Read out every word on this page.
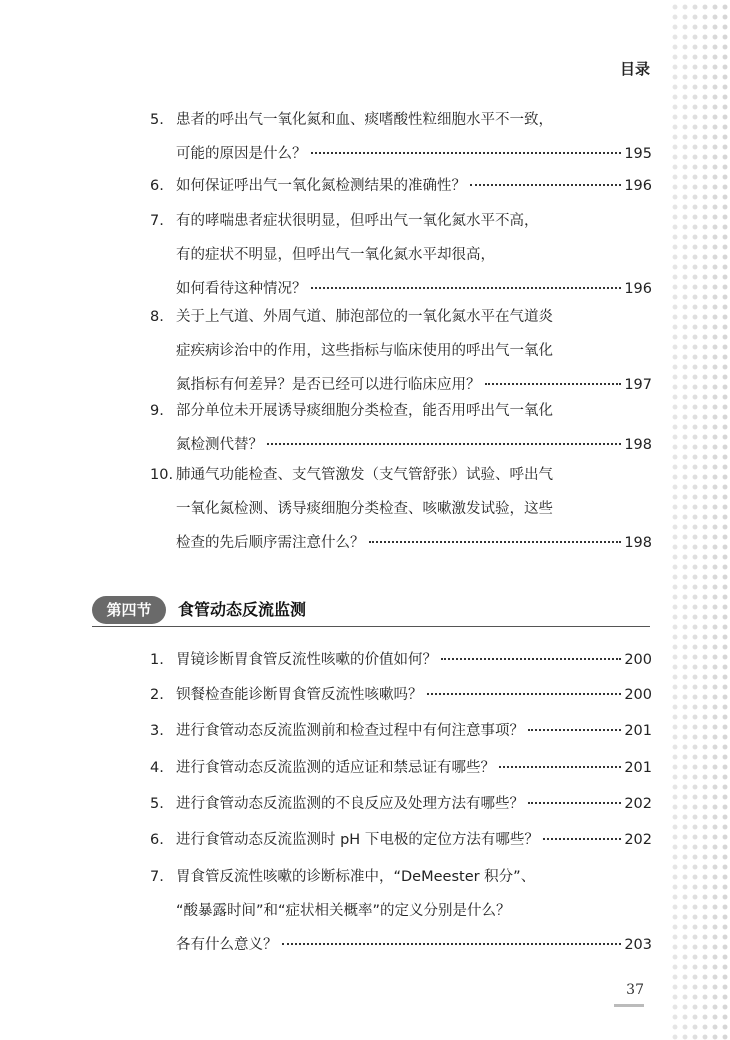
目录
5. 患者的呼出气一氧化氮和血、痰嗜酸性粒细胞水平不一致，
可能的原因是什么？	195
6. 如何保证呼出气一氧化氮检测结果的准确性？	196
7. 有的哮喘患者症状很明显，但呼出气一氧化氮水平不高，
有的症状不明显，但呼出气一氧化氮水平却很高，
如何看待这种情况？	196
8. 关于上气道、外周气道、肺泡部位的一氧化氮水平在气道炎
症疾病诊治中的作用，这些指标与临床使用的呼出气一氧化
氮指标有何差异？是否已经可以进行临床应用？	197
9. 部分单位未开展诱导痰细胞分类检查，能否用呼出气一氧化
氮检测代替？	198
10. 肺通气功能检查、支气管激发（支气管舒张）试验、呼出气
一氧化氮检测、诱导痰细胞分类检查、咳嗽激发试验，这些
检查的先后顺序需注意什么？	198
第四节	食管动态反流监测
1. 胃镜诊断胃食管反流性咳嗽的价值如何？	200
2. 钡餐检查能诊断胃食管反流性咳嗽吗？	200
3. 进行食管动态反流监测前和检查过程中有何注意事项？	201
4. 进行食管动态反流监测的适应证和禁忌证有哪些？	201
5. 进行食管动态反流监测的不良反应及处理方法有哪些？	202
6. 进行食管动态反流监测时 pH 下电极的定位方法有哪些？	202
7. 胃食管反流性咳嗽的诊断标准中，“DeMeester 积分”、
“酸暴露时间”和“症状相关概率”的定义分别是什么？
各有什么意义？	203
37
